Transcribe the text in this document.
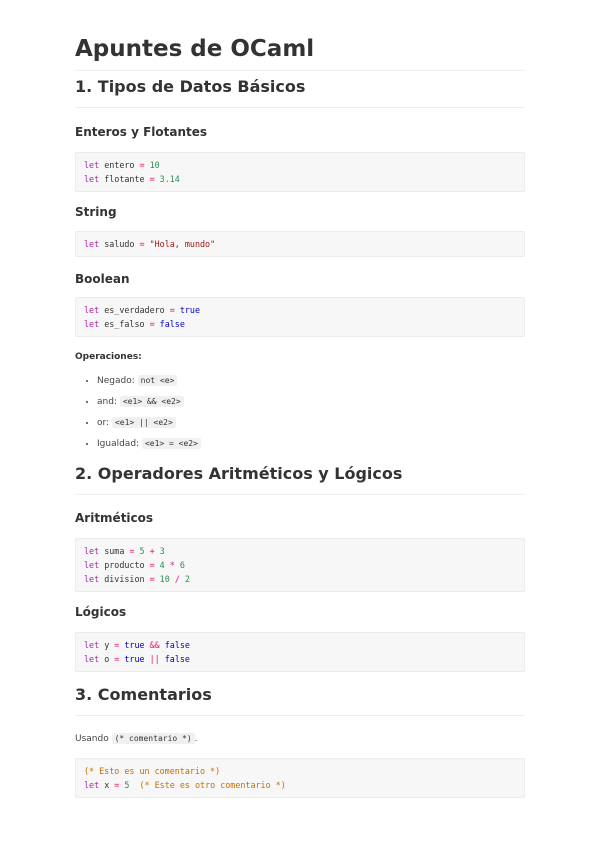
Apuntes de OCaml
1. Tipos de Datos Básicos
Enteros y Flotantes
let entero = 10
let flotante = 3.14
String
let saludo = "Hola, mundo"
Boolean
let es_verdadero = true
let es_falso = false
Operaciones:
• Negado: not <e>
• and: <e1> && <e2>
• or: <e1> || <e2>
• Igualdad: <e1> = <e2>
2. Operadores Aritméticos y Lógicos
Aritméticos
let suma = 5 + 3
let producto = 4 * 6
let division = 10 / 2
Lógicos
let y = true && false
let o = true || false
3. Comentarios

Usando (* comentario *) .

(* Esto es un comentario *)
let x = 5 (* Este es otro comentario *)
